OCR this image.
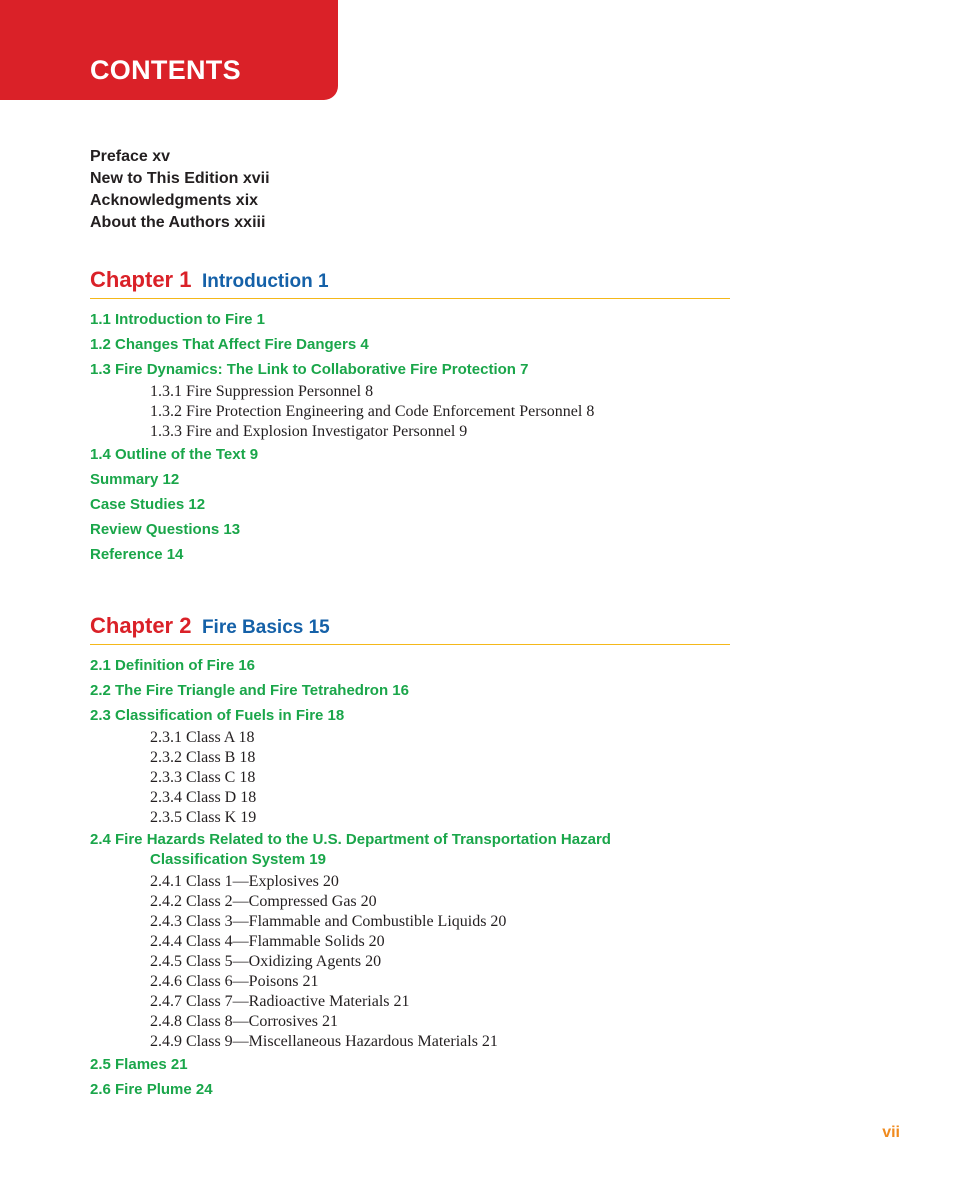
CONTENTS
Preface xv
New to This Edition xvii
Acknowledgments xix
About the Authors xxiii
Chapter 1 Introduction 1
1.1 Introduction to Fire 1
1.2 Changes That Affect Fire Dangers 4
1.3 Fire Dynamics: The Link to Collaborative Fire Protection 7
1.3.1 Fire Suppression Personnel 8
1.3.2 Fire Protection Engineering and Code Enforcement Personnel 8
1.3.3 Fire and Explosion Investigator Personnel 9
1.4 Outline of the Text 9
Summary 12
Case Studies 12
Review Questions 13
Reference 14
Chapter 2 Fire Basics 15
2.1 Definition of Fire 16
2.2 The Fire Triangle and Fire Tetrahedron 16
2.3 Classification of Fuels in Fire 18
2.3.1 Class A 18
2.3.2 Class B 18
2.3.3 Class C 18
2.3.4 Class D 18
2.3.5 Class K 19
2.4 Fire Hazards Related to the U.S. Department of Transportation Hazard
Classification System 19
2.4.1 Class 1—Explosives 20
2.4.2 Class 2—Compressed Gas 20
2.4.3 Class 3—Flammable and Combustible Liquids 20
2.4.4 Class 4—Flammable Solids 20
2.4.5 Class 5—Oxidizing Agents 20
2.4.6 Class 6—Poisons 21
2.4.7 Class 7—Radioactive Materials 21
2.4.8 Class 8—Corrosives 21
2.4.9 Class 9—Miscellaneous Hazardous Materials 21
2.5 Flames 21
2.6 Fire Plume 24
vii
